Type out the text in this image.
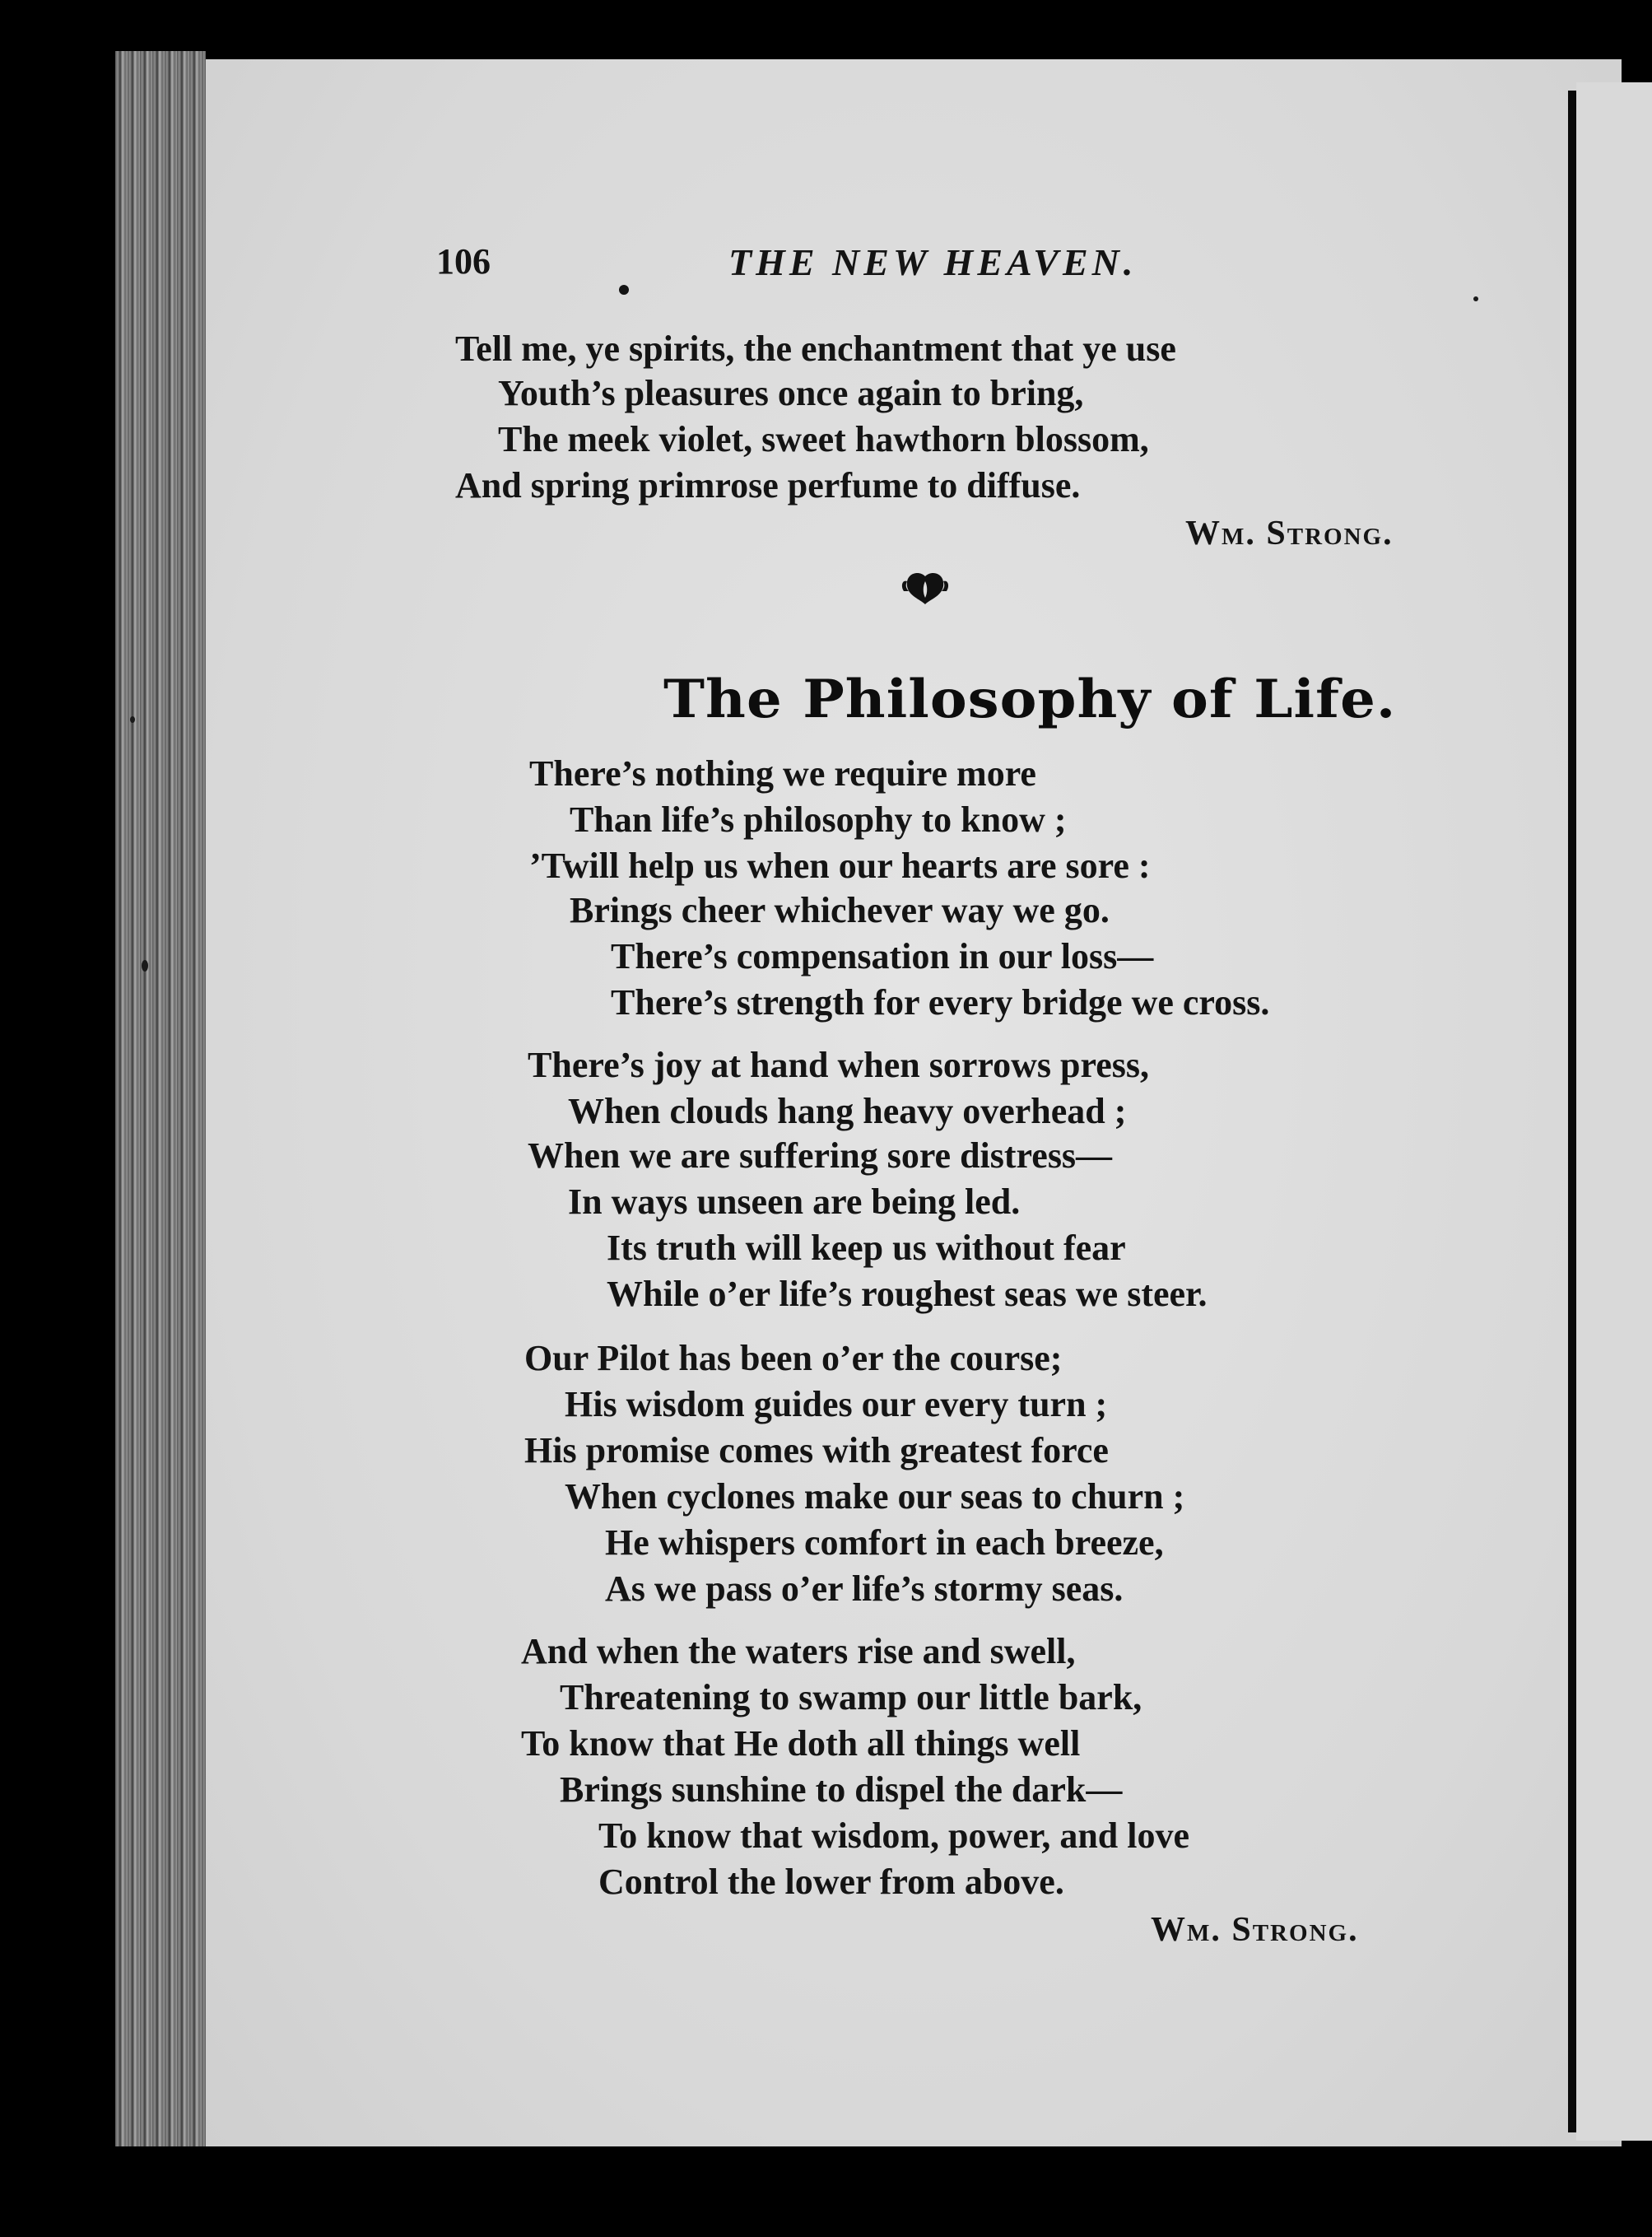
106	THE NEW HEAVEN.
Tell me, ye spirits, the enchantment that ye use
Youth’s pleasures once again to bring,
The meek violet, sweet hawthorn blossom,
And spring primrose perfume to diffuse.
Wm. Strong.
The Philosophy of Life.
There’s nothing we require more
Than life’s philosophy to know ;
’Twill help us when our hearts are sore :
Brings cheer whichever way we go.
There’s compensation in our loss—
There’s strength for every bridge we cross.
There’s joy at hand when sorrows press,
When clouds hang heavy overhead ;
When we are suffering sore distress—
In ways unseen are being led.
Its truth will keep us without fear
While o’er life’s roughest seas we steer.
Our Pilot has been o’er the course;
His wisdom guides our every turn ;
His promise comes with greatest force
When cyclones make our seas to churn ;
He whispers comfort in each breeze,
As we pass o’er life’s stormy seas.
And when the waters rise and swell,
Threatening to swamp our little bark,
To know that He doth all things well
Brings sunshine to dispel the dark—
To know that wisdom, power, and love
Control the lower from above.
Wm. Strong.
